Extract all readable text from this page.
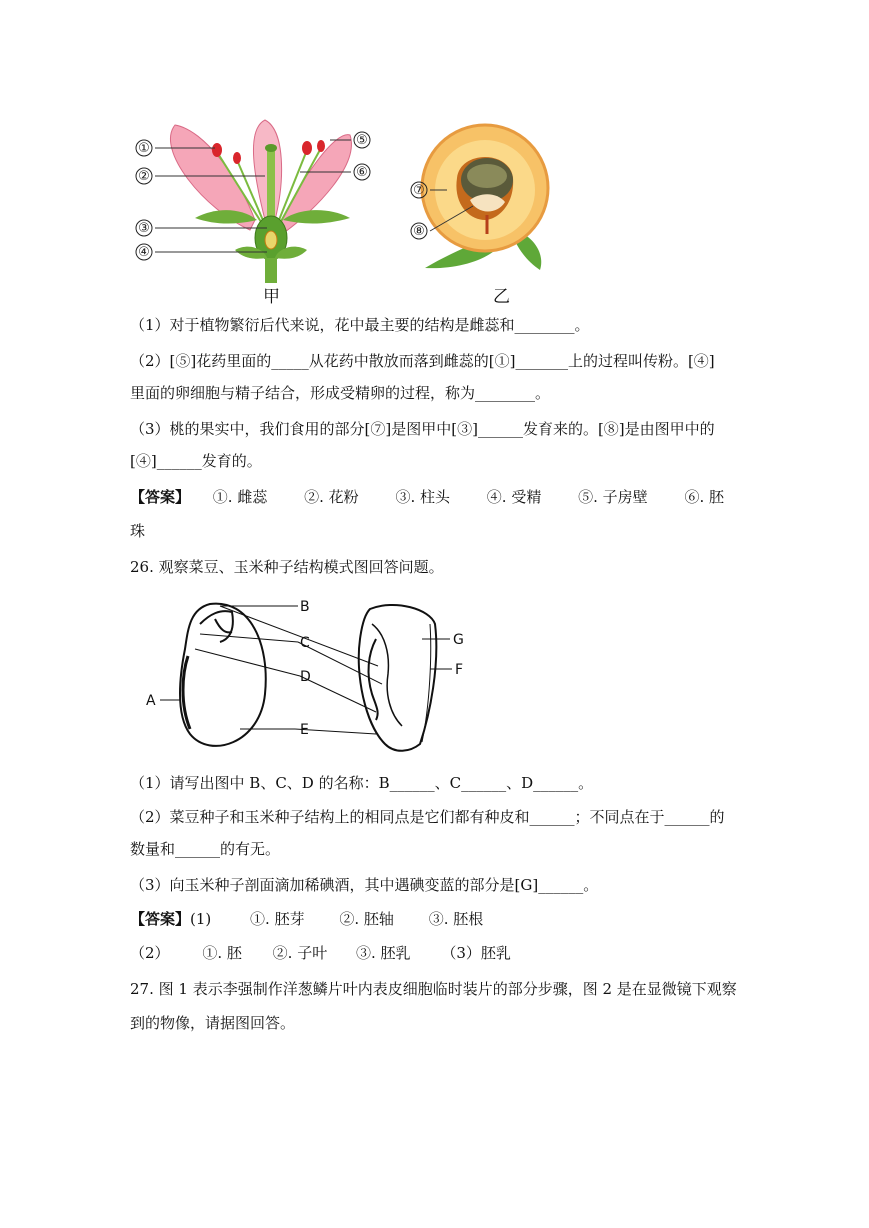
①
②
③
④
⑤
⑥
甲
⑦
⑧
乙
（1）对于植物繁衍后代来说，花中最主要的结构是雌蕊和________。
（2）[⑤]花药里面的_____从花药中散放而落到雌蕊的[①]_______上的过程叫传粉。[④]
里面的卵细胞与精子结合，形成受精卵的过程，称为________。
（3）桃的果实中，我们食用的部分[⑦]是图甲中[③]______发育来的。[⑧]是由图甲中的
[④]______发育的。
【答案】 ①. 雌蕊 ②. 花粉 ③. 柱头 ④. 受精 ⑤. 子房壁 ⑥. 胚
珠
26. 观察菜豆、玉米种子结构模式图回答问题。
B
C
D
E
F
G
A
（1）请写出图中 B、C、D 的名称：B______、C______、D______。
（2）菜豆种子和玉米种子结构上的相同点是它们都有种皮和______；不同点在于______的
数量和______的有无。
（3）向玉米种子剖面滴加稀碘酒，其中遇碘变蓝的部分是[G]______。
【答案】(1)	①. 胚芽 ②. 胚轴 ③. 胚根
（2） ①. 胚 ②. 子叶 ③. 胚乳 （3）胚乳
27. 图 1 表示李强制作洋葱鳞片叶内表皮细胞临时装片的部分步骤，图 2 是在显微镜下观察
到的物像，请据图回答。
